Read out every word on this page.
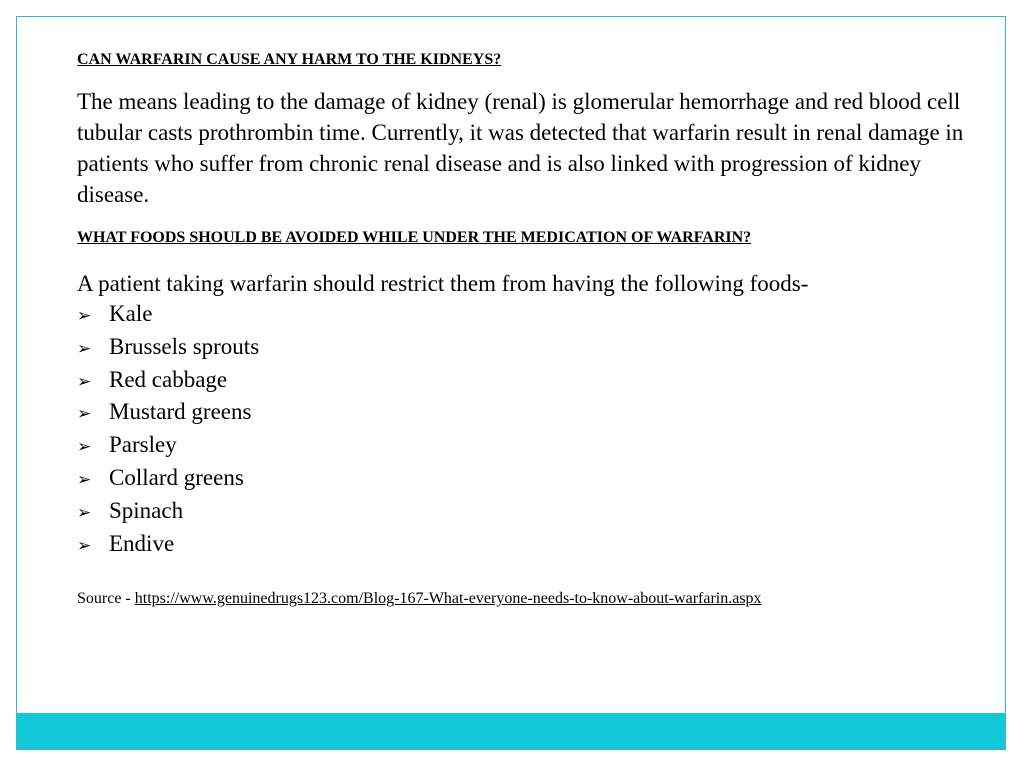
CAN WARFARIN CAUSE ANY HARM TO THE KIDNEYS?

The means leading to the damage of kidney (renal) is glomerular hemorrhage and red blood cell tubular casts prothrombin time. Currently, it was detected that warfarin result in renal damage in patients who suffer from chronic renal disease and is also linked with progression of kidney disease.

WHAT FOODS SHOULD BE AVOIDED WHILE UNDER THE MEDICATION OF WARFARIN?

A patient taking warfarin should restrict them from having the following foods-

➢ Kale
➢ Brussels sprouts
➢ Red cabbage
➢ Mustard greens
➢ Parsley
➢ Collard greens
➢ Spinach
➢ Endive

Source - https://www.genuinedrugs123.com/Blog-167-What-everyone-needs-to-know-about-warfarin.aspx
